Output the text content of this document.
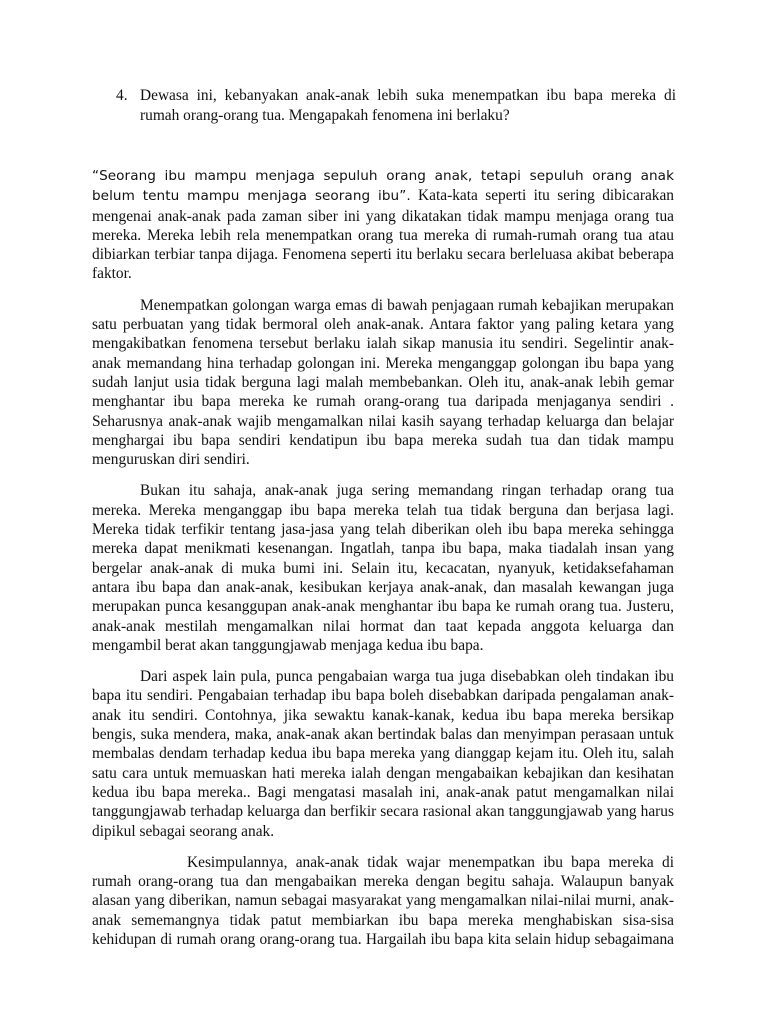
4. Dewasa ini, kebanyakan anak-anak lebih suka menempatkan ibu bapa mereka di rumah orang-orang tua. Mengapakah fenomena ini berlaku?

“Seorang ibu mampu menjaga sepuluh orang anak, tetapi sepuluh orang anak belum tentu mampu menjaga seorang ibu”. Kata-kata seperti itu sering dibicarakan mengenai anak-anak pada zaman siber ini yang dikatakan tidak mampu menjaga orang tua mereka. Mereka lebih rela menempatkan orang tua mereka di rumah-rumah orang tua atau dibiarkan terbiar tanpa dijaga. Fenomena seperti itu berlaku secara berleluasa akibat beberapa faktor.

Menempatkan golongan warga emas di bawah penjagaan rumah kebajikan merupakan satu perbuatan yang tidak bermoral oleh anak-anak. Antara faktor yang paling ketara yang mengakibatkan fenomena tersebut berlaku ialah sikap manusia itu sendiri. Segelintir anak-anak memandang hina terhadap golongan ini. Mereka menganggap golongan ibu bapa yang sudah lanjut usia tidak berguna lagi malah membebankan. Oleh itu, anak-anak lebih gemar menghantar ibu bapa mereka ke rumah orang-orang tua daripada menjaganya sendiri . Seharusnya anak-anak wajib mengamalkan nilai kasih sayang terhadap keluarga dan belajar menghargai ibu bapa sendiri kendatipun ibu bapa mereka sudah tua dan tidak mampu menguruskan diri sendiri.

Bukan itu sahaja, anak-anak juga sering memandang ringan terhadap orang tua mereka. Mereka menganggap ibu bapa mereka telah tua tidak berguna dan berjasa lagi. Mereka tidak terfikir tentang jasa-jasa yang telah diberikan oleh ibu bapa mereka sehingga mereka dapat menikmati kesenangan. Ingatlah, tanpa ibu bapa, maka tiadalah insan yang bergelar anak-anak di muka bumi ini. Selain itu, kecacatan, nyanyuk, ketidaksefahaman antara ibu bapa dan anak-anak, kesibukan kerjaya anak-anak, dan masalah kewangan juga merupakan punca kesanggupan anak-anak menghantar ibu bapa ke rumah orang tua. Justeru, anak-anak mestilah mengamalkan nilai hormat dan taat kepada anggota keluarga dan mengambil berat akan tanggungjawab menjaga kedua ibu bapa.

Dari aspek lain pula, punca pengabaian warga tua juga disebabkan oleh tindakan ibu bapa itu sendiri. Pengabaian terhadap ibu bapa boleh disebabkan daripada pengalaman anak-anak itu sendiri. Contohnya, jika sewaktu kanak-kanak, kedua ibu bapa mereka bersikap bengis, suka mendera, maka, anak-anak akan bertindak balas dan menyimpan perasaan untuk membalas dendam terhadap kedua ibu bapa mereka yang dianggap kejam itu. Oleh itu, salah satu cara untuk memuaskan hati mereka ialah dengan mengabaikan kebajikan dan kesihatan kedua ibu bapa mereka.. Bagi mengatasi masalah ini, anak-anak patut mengamalkan nilai tanggungjawab terhadap keluarga dan berfikir secara rasional akan tanggungjawab yang harus dipikul sebagai seorang anak.

Kesimpulannya, anak-anak tidak wajar menempatkan ibu bapa mereka di rumah orang-orang tua dan mengabaikan mereka dengan begitu sahaja. Walaupun banyak alasan yang diberikan, namun sebagai masyarakat yang mengamalkan nilai-nilai murni, anak-anak sememangnya tidak patut membiarkan ibu bapa mereka menghabiskan sisa-sisa kehidupan di rumah orang orang-orang tua. Hargailah ibu bapa kita selain hidup sebagaimana
